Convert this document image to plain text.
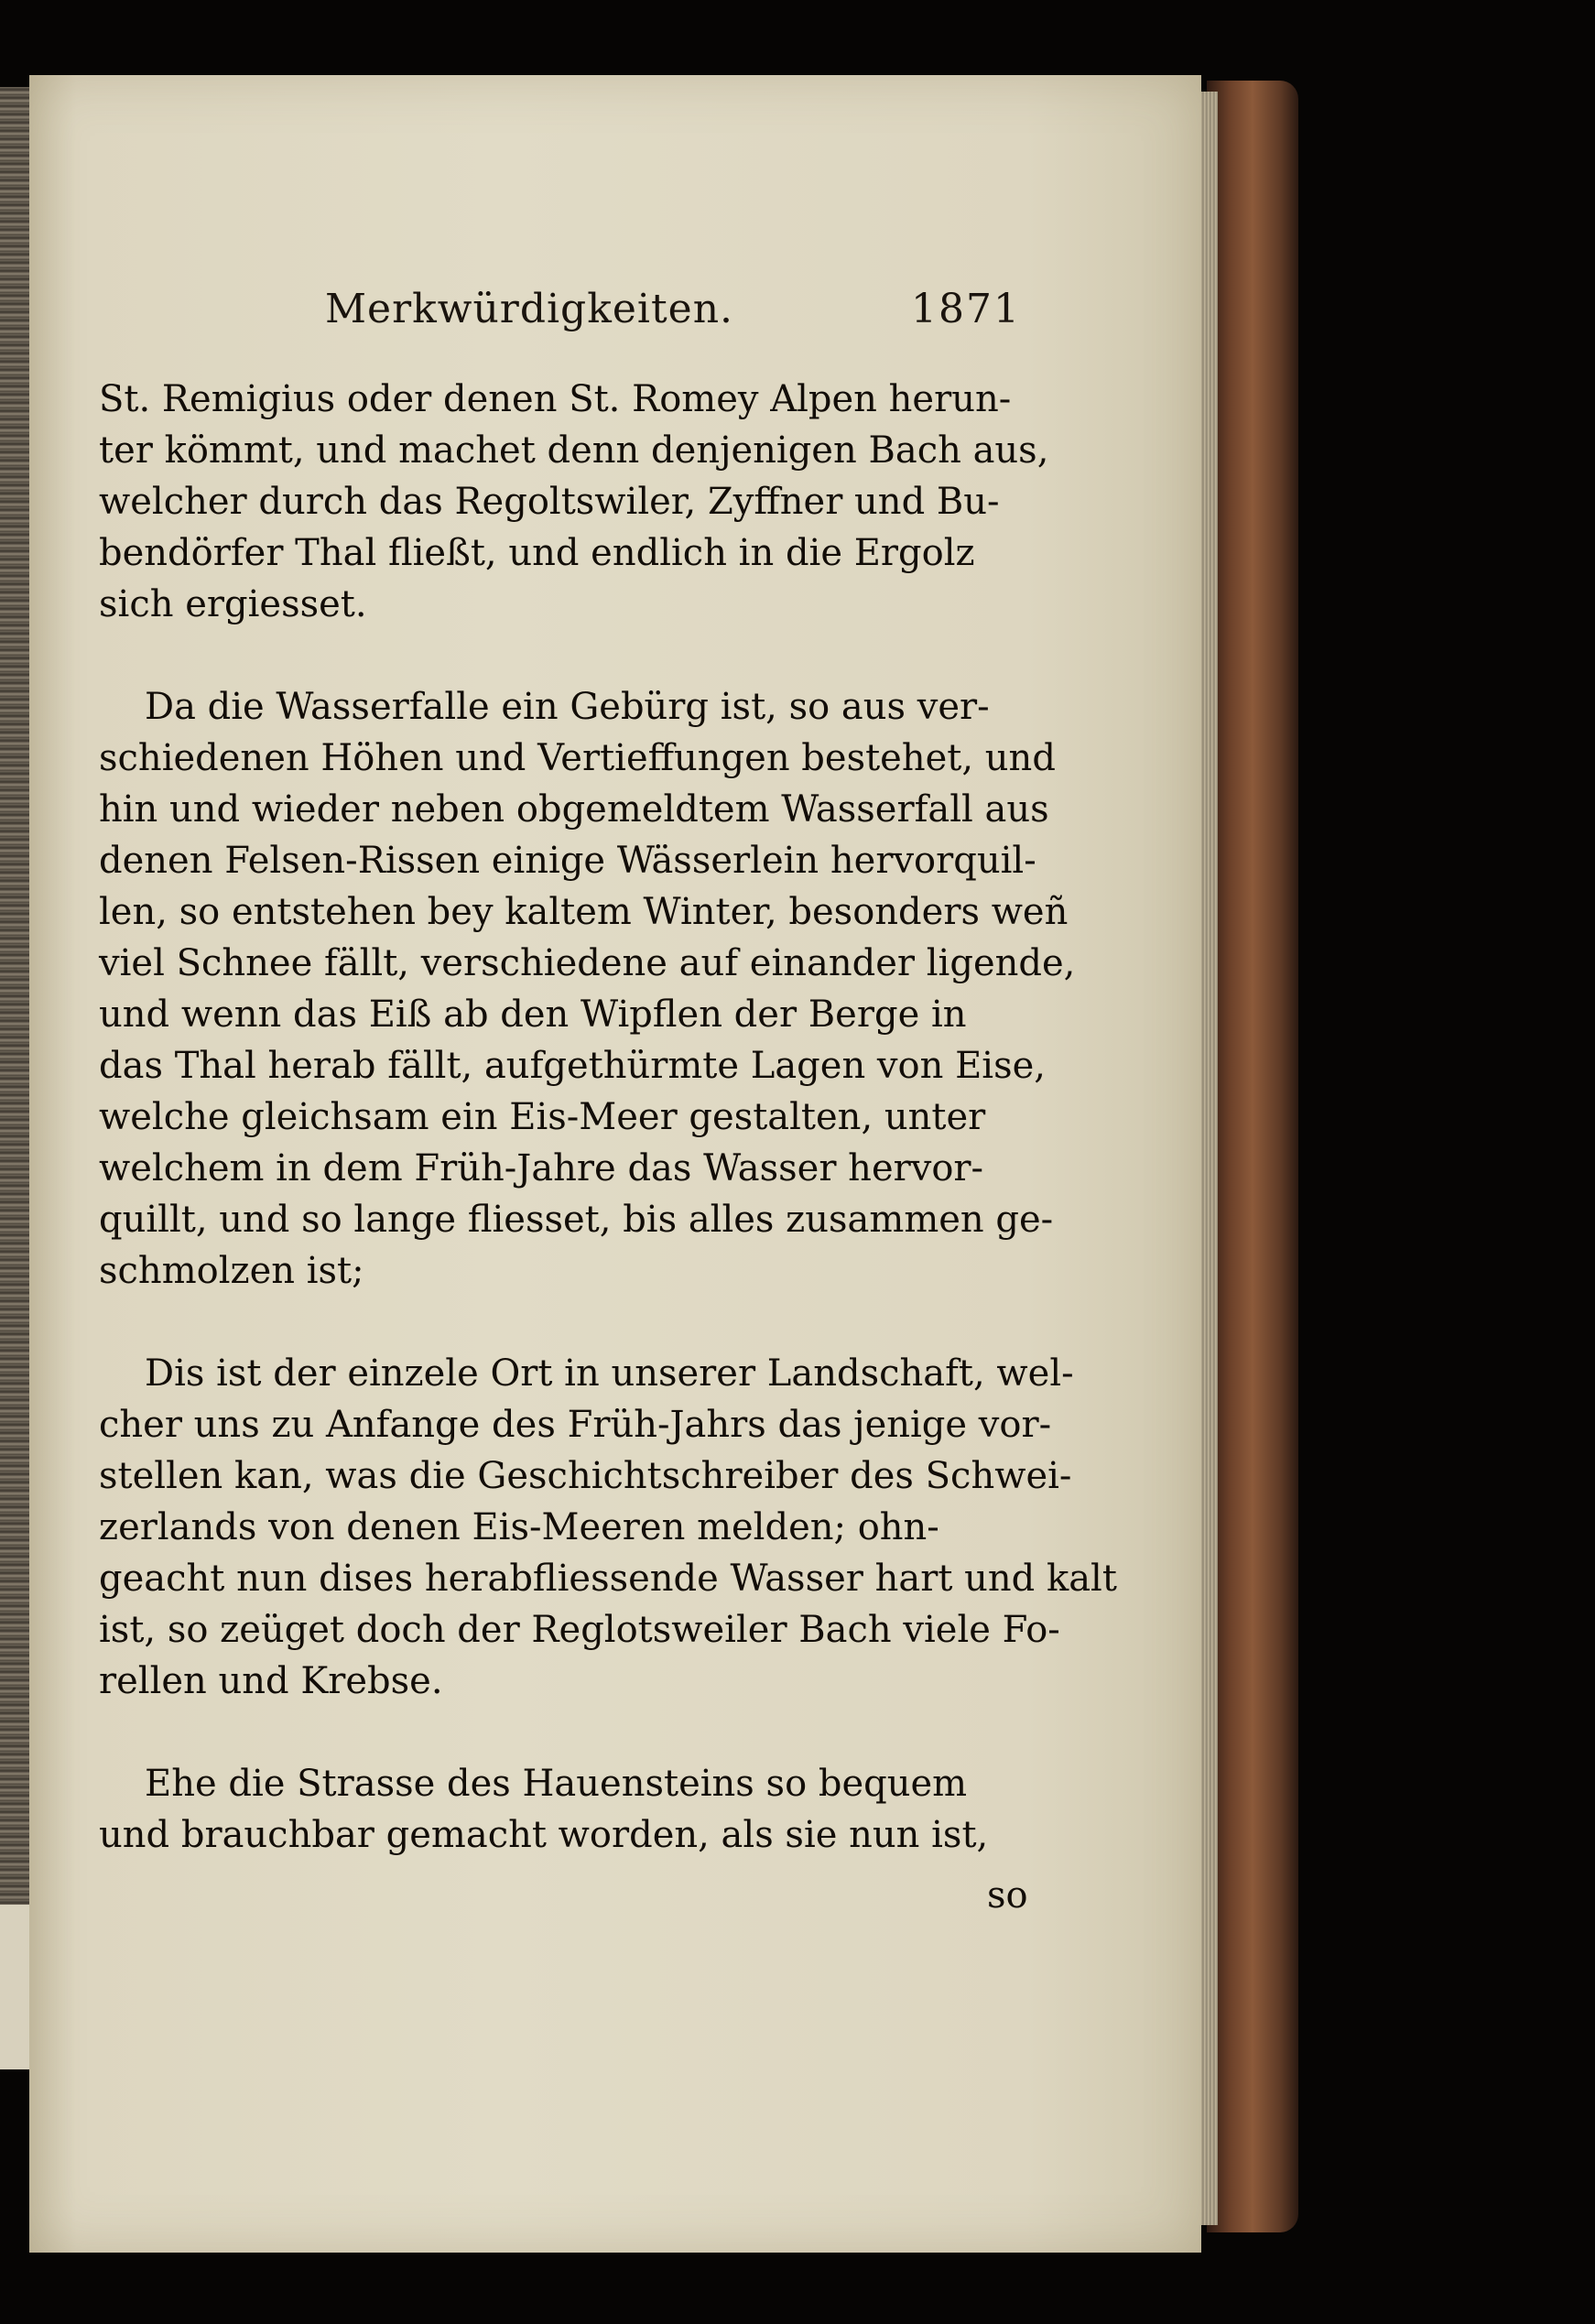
Merkwürdigkeiten.	1871

St. Remigius oder denen St. Romey Alpen herun-
ter kömmt, und machet denn denjenigen Bach aus,
welcher durch das Regoltswiler, Zyffner und Bu-
bendörfer Thal fließt, und endlich in die Ergolz
sich ergiesset.

Da die Wasserfalle ein Gebürg ist, so aus ver-
schiedenen Höhen und Vertieffungen bestehet, und
hin und wieder neben obgemeldtem Wasserfall aus
denen Felsen-Rissen einige Wässerlein hervorquil-
len, so entstehen bey kaltem Winter, besonders weñ
viel Schnee fällt, verschiedene auf einander ligende,
und wenn das Eiß ab den Wipflen der Berge in
das Thal herab fällt, aufgethürmte Lagen von Eise,
welche gleichsam ein Eis-Meer gestalten, unter
welchem in dem Früh-Jahre das Wasser hervor-
quillt, und so lange fliesset, bis alles zusammen ge-
schmolzen ist;

Dis ist der einzele Ort in unserer Landschaft, wel-
cher uns zu Anfange des Früh-Jahrs das jenige vor-
stellen kan, was die Geschichtschreiber des Schwei-
zerlands von denen Eis-Meeren melden; ohn-
geacht nun dises herabfliessende Wasser hart und kalt
ist, so zeüget doch der Reglotsweiler Bach viele Fo-
rellen und Krebse.

Ehe die Strasse des Hauensteins so bequem
und brauchbar gemacht worden, als sie nun ist,

so
